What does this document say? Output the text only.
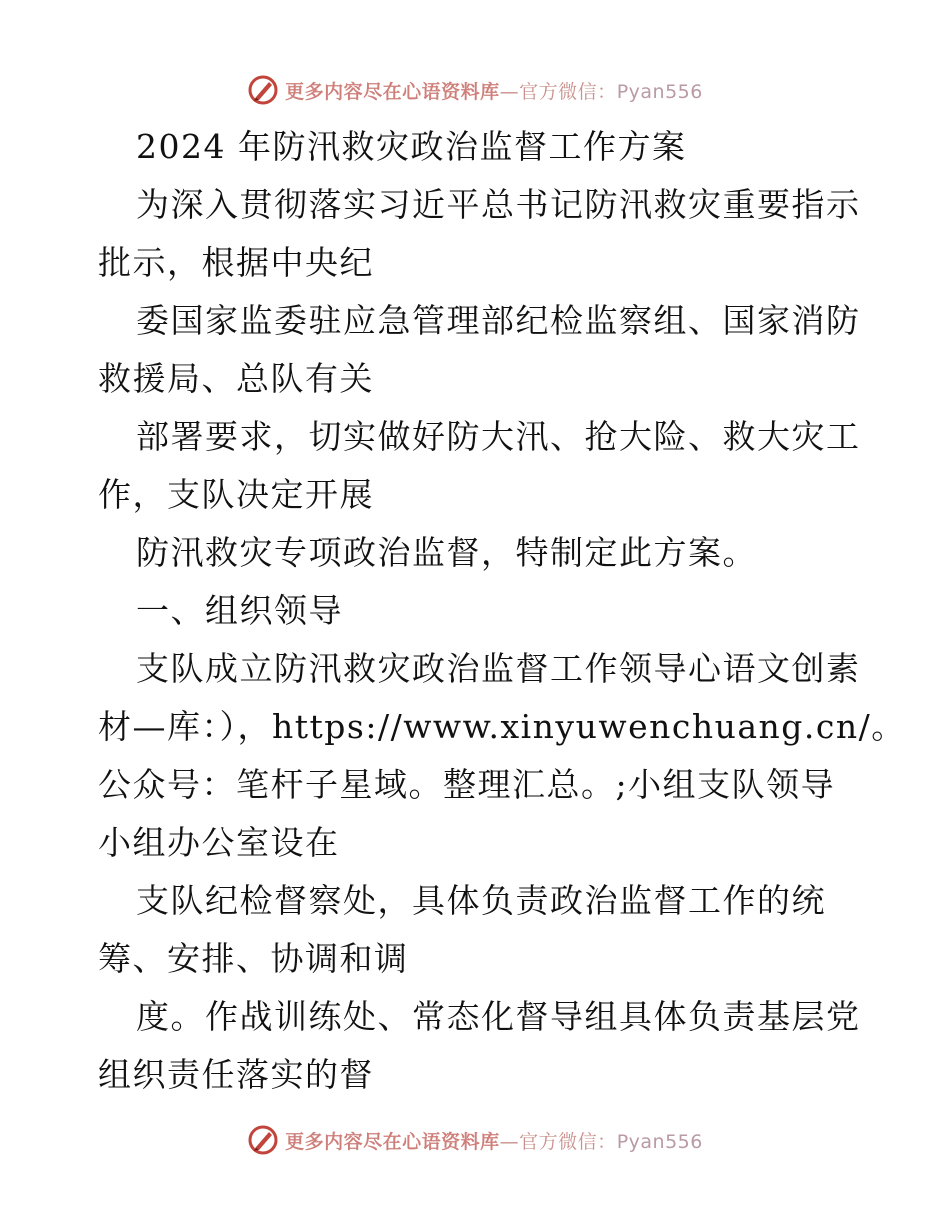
更多内容尽在心语资料库—官方微信：Pyan556
2024 年防汛救灾政治监督工作方案
为深入贯彻落实习近平总书记防汛救灾重要指示
批示，根据中央纪
委国家监委驻应急管理部纪检监察组、国家消防
救援局、总队有关
部署要求，切实做好防大汛、抢大险、救大灾工
作，支队决定开展
防汛救灾专项政治监督，特制定此方案。
一、组织领导
支队成立防汛救灾政治监督工作领导心语文创素
材—库：），https://www.xinyuwenchuang.cn/。
公众号：笔杆子星域。整理汇总。;小组支队领导
小组办公室设在
支队纪检督察处，具体负责政治监督工作的统
筹、安排、协调和调
度。作战训练处、常态化督导组具体负责基层党
组织责任落实的督
更多内容尽在心语资料库—官方微信：Pyan556
